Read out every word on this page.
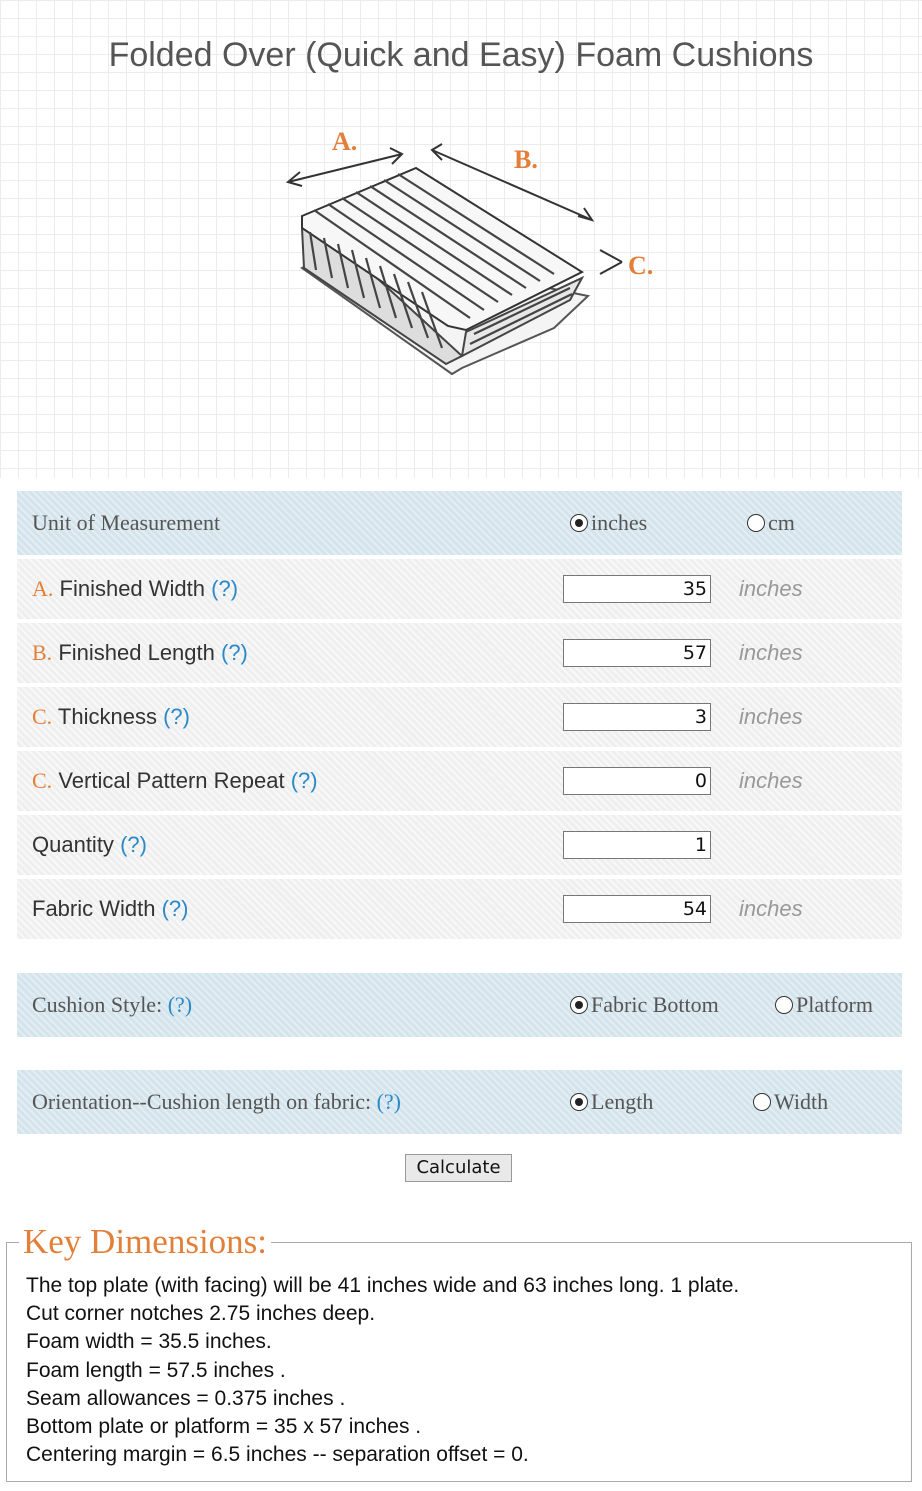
Folded Over (Quick and Easy) Foam Cushions
A.
B.
C.
Unit of Measurement	inches	cm
A. Finished Width (?)	35 inches
B. Finished Length (?)	57 inches
C. Thickness (?)	3 inches
C. Vertical Pattern Repeat (?)	0 inches
Quantity (?)	1
Fabric Width (?)	54 inches
Cushion Style: (?)	Fabric Bottom	Platform
Orientation--Cushion length on fabric: (?)	Length	Width
Calculate
Key Dimensions:
The top plate (with facing) will be 41 inches wide and 63 inches long. 1 plate.
Cut corner notches 2.75 inches deep.
Foam width = 35.5 inches.
Foam length = 57.5 inches .
Seam allowances = 0.375 inches .
Bottom plate or platform = 35 x 57 inches .
Centering margin = 6.5 inches -- separation offset = 0.
